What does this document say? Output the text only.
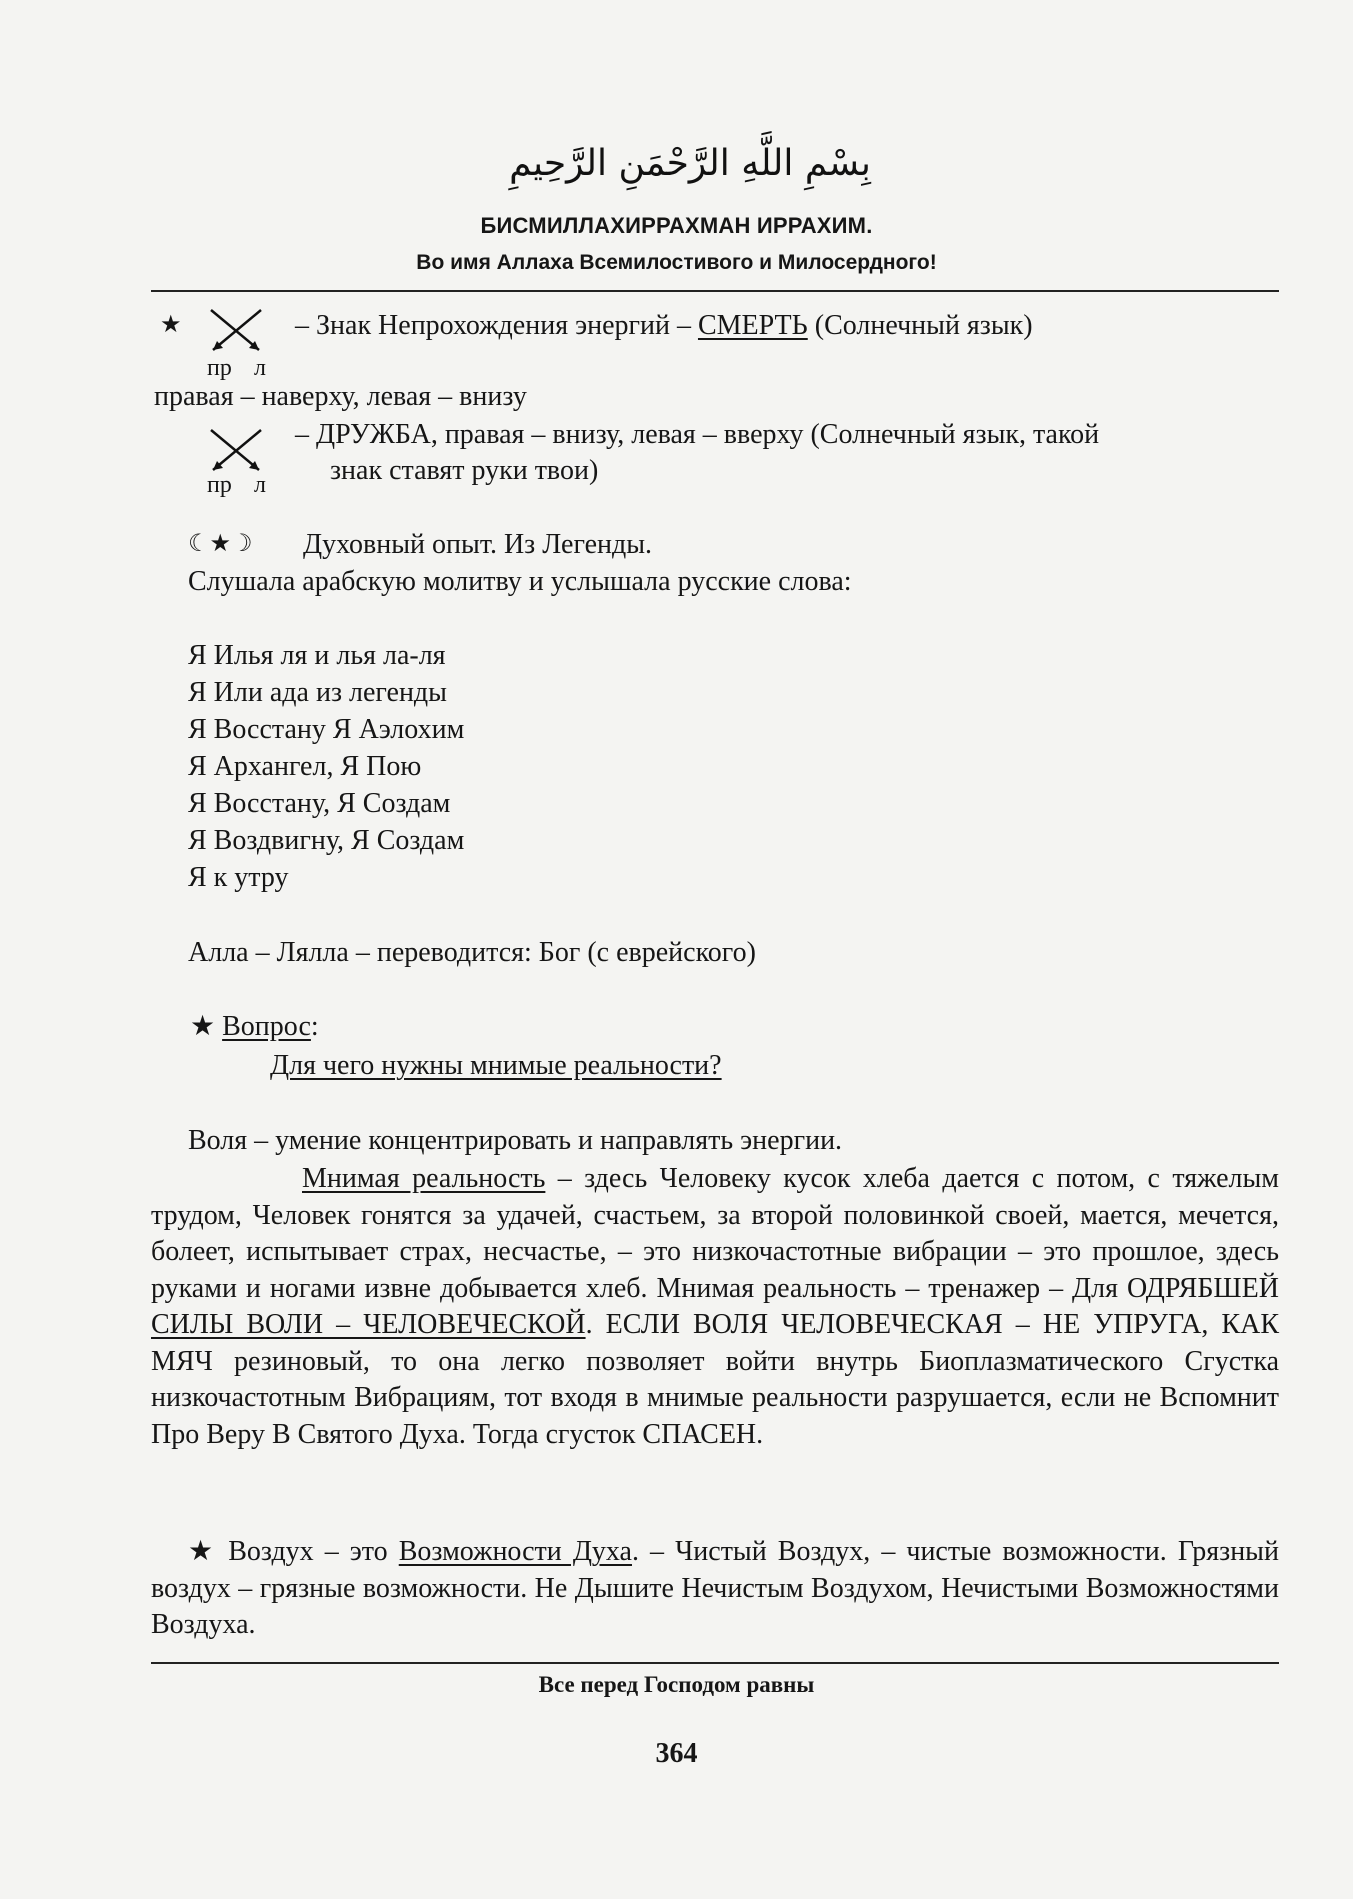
بِسْمِ اللَّهِ الرَّحْمَنِ الرَّحِيمِ
БИСМИЛЛАХИРРАХМАН ИРРАХИМ.
Во имя Аллаха Всемилостивого и Милосердного!
★
пр л
– Знак Непрохождения энергий – СМЕРТЬ (Солнечный язык)
правая – наверху, левая – внизу
пр л
– ДРУЖБА, правая – внизу, левая – вверху (Солнечный язык, такой
знак ставят руки твои)
☾★☽ Духовный опыт. Из Легенды.
Слушала арабскую молитву и услышала русские слова:
Я Илья ля и лья ла-ля
Я Или ада из легенды
Я Восстану Я Аэлохим
Я Архангел, Я Пою
Я Восстану, Я Создам
Я Воздвигну, Я Создам
Я к утру
Алла – Лялла – переводится: Бог (с еврейского)
★ Вопрос:
Для чего нужны мнимые реальности?
Воля – умение концентрировать и направлять энергии.
Мнимая реальность – здесь Человеку кусок хлеба дается с потом, с тяжелым трудом, Человек гонятся за удачей, счастьем, за второй половинкой своей, мается, мечется, болеет, испытывает страх, несчастье, – это низкочастотные вибрации – это прошлое, здесь руками и ногами извне добывается хлеб. Мнимая реальность – тренажер – Для ОДРЯБШЕЙ СИЛЫ ВОЛИ – ЧЕЛОВЕЧЕСКОЙ. ЕСЛИ ВОЛЯ ЧЕЛОВЕЧЕСКАЯ – НЕ УПРУГА, КАК МЯЧ резиновый, то она легко позволяет войти внутрь Биоплазматического Сгустка низкочастотным Вибрациям, тот входя в мнимые реальности разрушается, если не Вспомнит Про Веру В Святого Духа. Тогда сгусток СПАСЕН.
★ Воздух – это Возможности Духа. – Чистый Воздух, – чистые возможности. Грязный воздух – грязные возможности. Не Дышите Нечистым Воздухом, Нечистыми Возможностями Воздуха.
Все перед Господом равны
364
